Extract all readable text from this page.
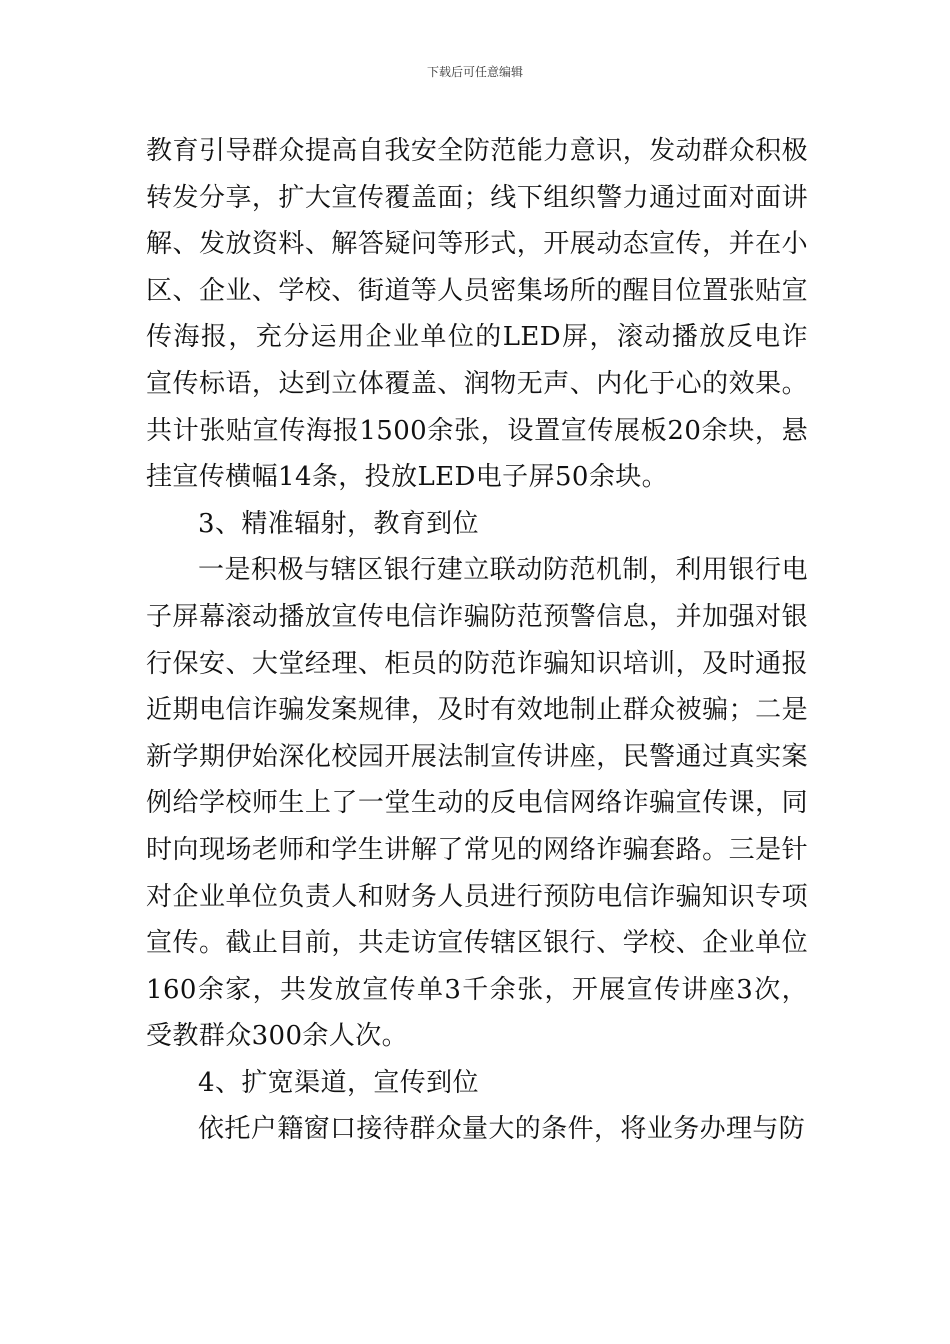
下载后可任意编辑

教育引导群众提高自我安全防范能力意识，发动群众积极转发分享，扩大宣传覆盖面；线下组织警力通过面对面讲解、发放资料、解答疑问等形式，开展动态宣传，并在小区、企业、学校、街道等人员密集场所的醒目位置张贴宣传海报，充分运用企业单位的LED屏，滚动播放反电诈宣传标语，达到立体覆盖、润物无声、内化于心的效果。共计张贴宣传海报1500余张，设置宣传展板20余块，悬挂宣传横幅14条，投放LED电子屏50余块。

3、精准辐射，教育到位

一是积极与辖区银行建立联动防范机制，利用银行电子屏幕滚动播放宣传电信诈骗防范预警信息，并加强对银行保安、大堂经理、柜员的防范诈骗知识培训，及时通报近期电信诈骗发案规律，及时有效地制止群众被骗；二是新学期伊始深化校园开展法制宣传讲座，民警通过真实案例给学校师生上了一堂生动的反电信网络诈骗宣传课，同时向现场老师和学生讲解了常见的网络诈骗套路。三是针对企业单位负责人和财务人员进行预防电信诈骗知识专项宣传。截止目前，共走访宣传辖区银行、学校、企业单位160余家，共发放宣传单3千余张，开展宣传讲座3次，受教群众300余人次。

4、扩宽渠道，宣传到位

依托户籍窗口接待群众量大的条件，将业务办理与防
